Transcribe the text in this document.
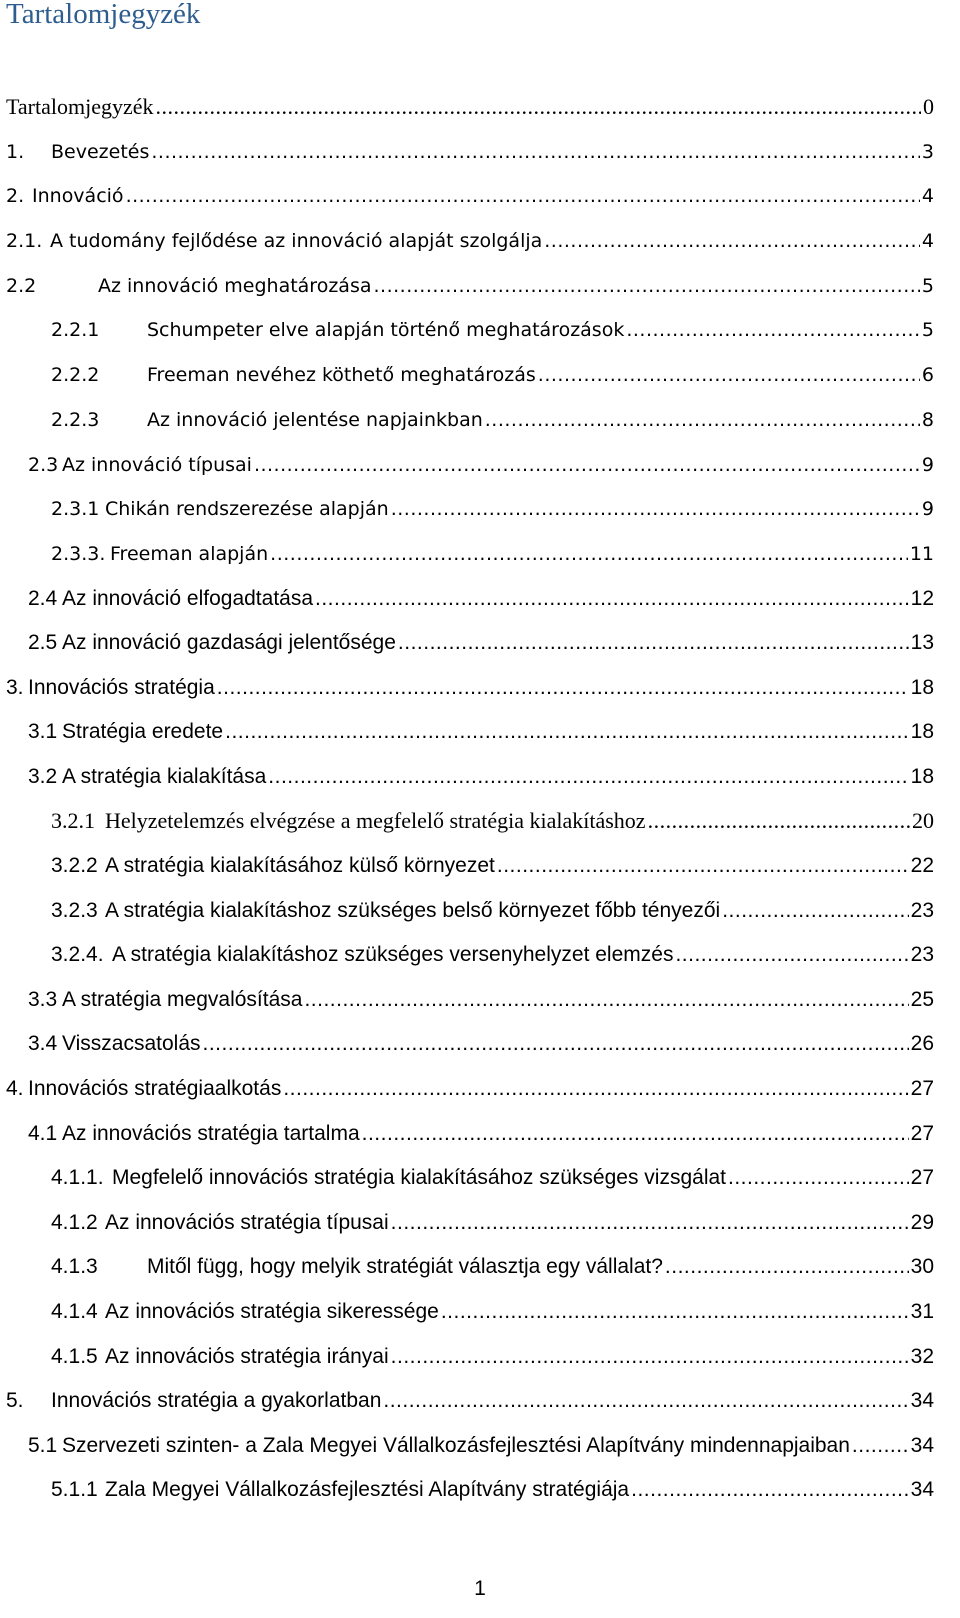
Tartalomjegyzék
Tartalomjegyzék .....	0
1.	Bevezetés .....	3
2. Innováció .....	4
2.1. A tudomány fejlődése az innováció alapját szolgálja .....	4
2.2	Az innováció meghatározása .....	5
2.2.1	Schumpeter elve alapján történő meghatározások .....	5
2.2.2	Freeman nevéhez köthető meghatározás .....	6
2.2.3	Az innováció jelentése napjainkban .....	8
2.3 Az innováció típusai .....	9
2.3.1 Chikán rendszerezése alapján .....	9
2.3.3. Freeman alapján .....	11
2.4 Az innováció elfogadtatása .....	12
2.5 Az innováció gazdasági jelentősége .....	13
3. Innovációs stratégia .....	18
3.1 Stratégia eredete .....	18
3.2 A stratégia kialakítása .....	18
3.2.1 Helyzetelemzés elvégzése a megfelelő stratégia kialakításhoz .....	20
3.2.2 A stratégia kialakításához külső környezet .....	22
3.2.3 A stratégia kialakításhoz szükséges belső környezet főbb tényezői .....	23
3.2.4. A stratégia kialakításhoz szükséges versenyhelyzet elemzés .....	23
3.3 A stratégia megvalósítása .....	25
3.4 Visszacsatolás .....	26
4. Innovációs stratégiaalkotás .....	27
4.1 Az innovációs stratégia tartalma .....	27
4.1.1. Megfelelő innovációs stratégia kialakításához szükséges vizsgálat .....	27
4.1.2 Az innovációs stratégia típusai .....	29
4.1.3	Mitől függ, hogy melyik stratégiát választja egy vállalat? .....	30
4.1.4 Az innovációs stratégia sikeressége .....	31
4.1.5 Az innovációs stratégia irányai .....	32
5.	Innovációs stratégia a gyakorlatban .....	34
5.1 Szervezeti szinten- a Zala Megyei Vállalkozásfejlesztési Alapítvány mindennapjaiban .....	34
5.1.1 Zala Megyei Vállalkozásfejlesztési Alapítvány stratégiája .....	34
1
